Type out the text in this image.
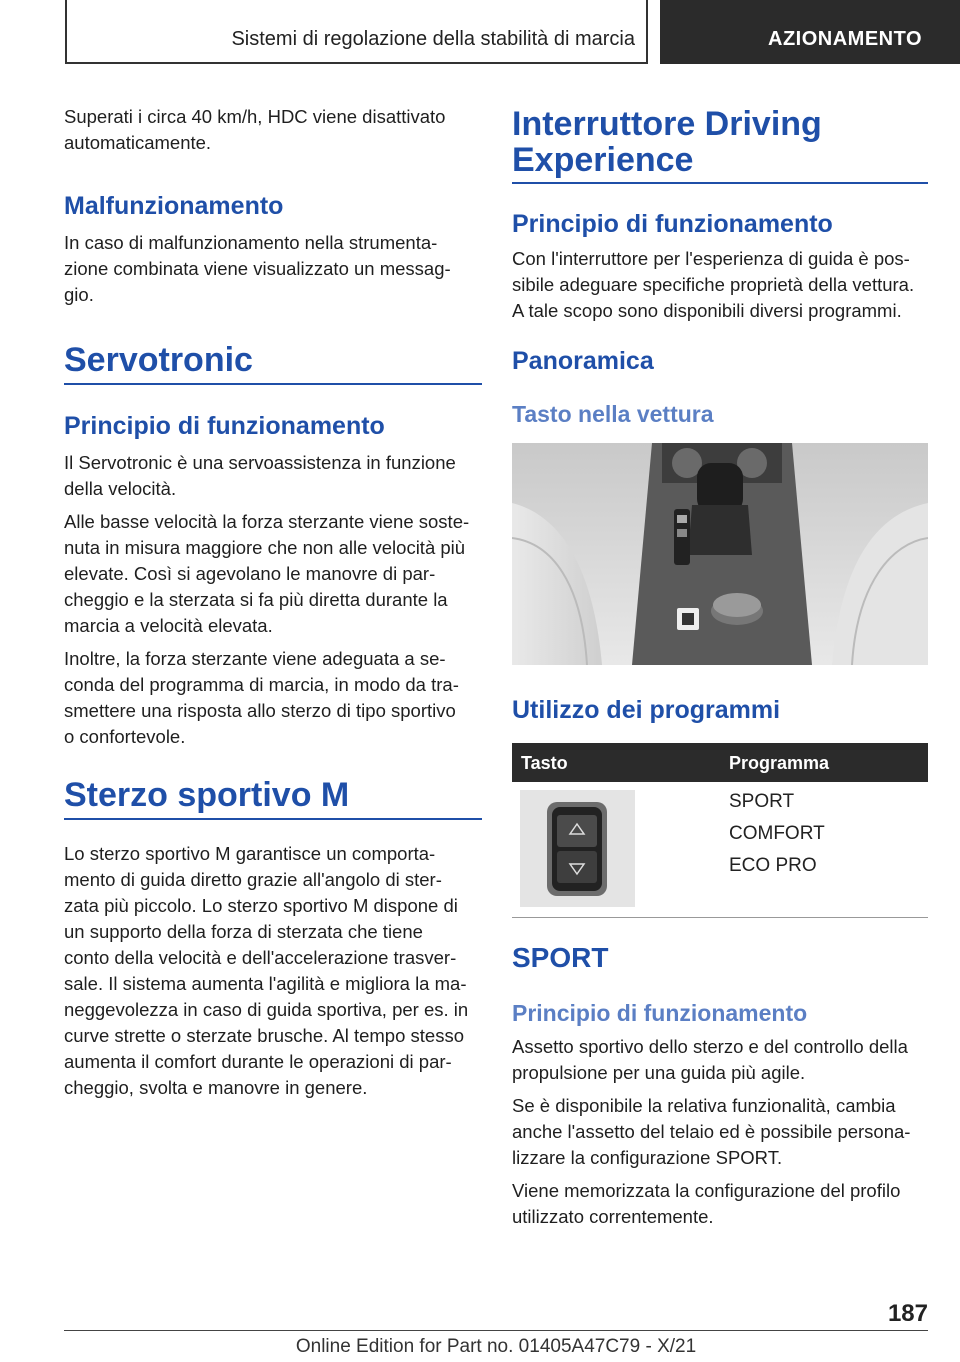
Sistemi di regolazione della stabilità di marcia	AZIONAMENTO

Superati i circa 40 km/h, HDC viene disattivato

automaticamente.

Malfunzionamento

In caso di malfunzionamento nella strumenta-

zione combinata viene visualizzato un messag-

gio.

Servotronic
Principio di funzionamento

Il Servotronic è una servoassistenza in funzione

della velocità.

Alle basse velocità la forza sterzante viene soste-

nuta in misura maggiore che non alle velocità più

elevate. Così si agevolano le manovre di par-

cheggio e la sterzata si fa più diretta durante la

marcia a velocità elevata.

Inoltre, la forza sterzante viene adeguata a se-

conda del programma di marcia, in modo da tra-

smettere una risposta allo sterzo di tipo sportivo

o confortevole.

Sterzo sportivo M

Lo sterzo sportivo M garantisce un comporta-

mento di guida diretto grazie all'angolo di ster-

zata più piccolo. Lo sterzo sportivo M dispone di

un supporto della forza di sterzata che tiene

conto della velocità e dell'accelerazione trasver-

sale. Il sistema aumenta l'agilità e migliora la ma-

neggevolezza in caso di guida sportiva, per es. in

curve strette o sterzate brusche. Al tempo stesso

aumenta il comfort durante le operazioni di par-

cheggio, svolta e manovre in genere.

Interruttore Driving
Experience
Principio di funzionamento

Con l'interruttore per l'esperienza di guida è pos-

sibile adeguare specifiche proprietà della vettura.

A tale scopo sono disponibili diversi programmi.

Panoramica
Tasto nella vettura
Utilizzo dei programmi
Tasto	Programma
SPORT
COMFORT
ECO PRO
SPORT
Principio di funzionamento

Assetto sportivo dello sterzo e del controllo della

propulsione per una guida più agile.

Se è disponibile la relativa funzionalità, cambia

anche l'assetto del telaio ed è possibile persona-

lizzare la configurazione SPORT.

Viene memorizzata la configurazione del profilo

utilizzato correntemente.

187
Online Edition for Part no. 01405A47C79 - X/21
